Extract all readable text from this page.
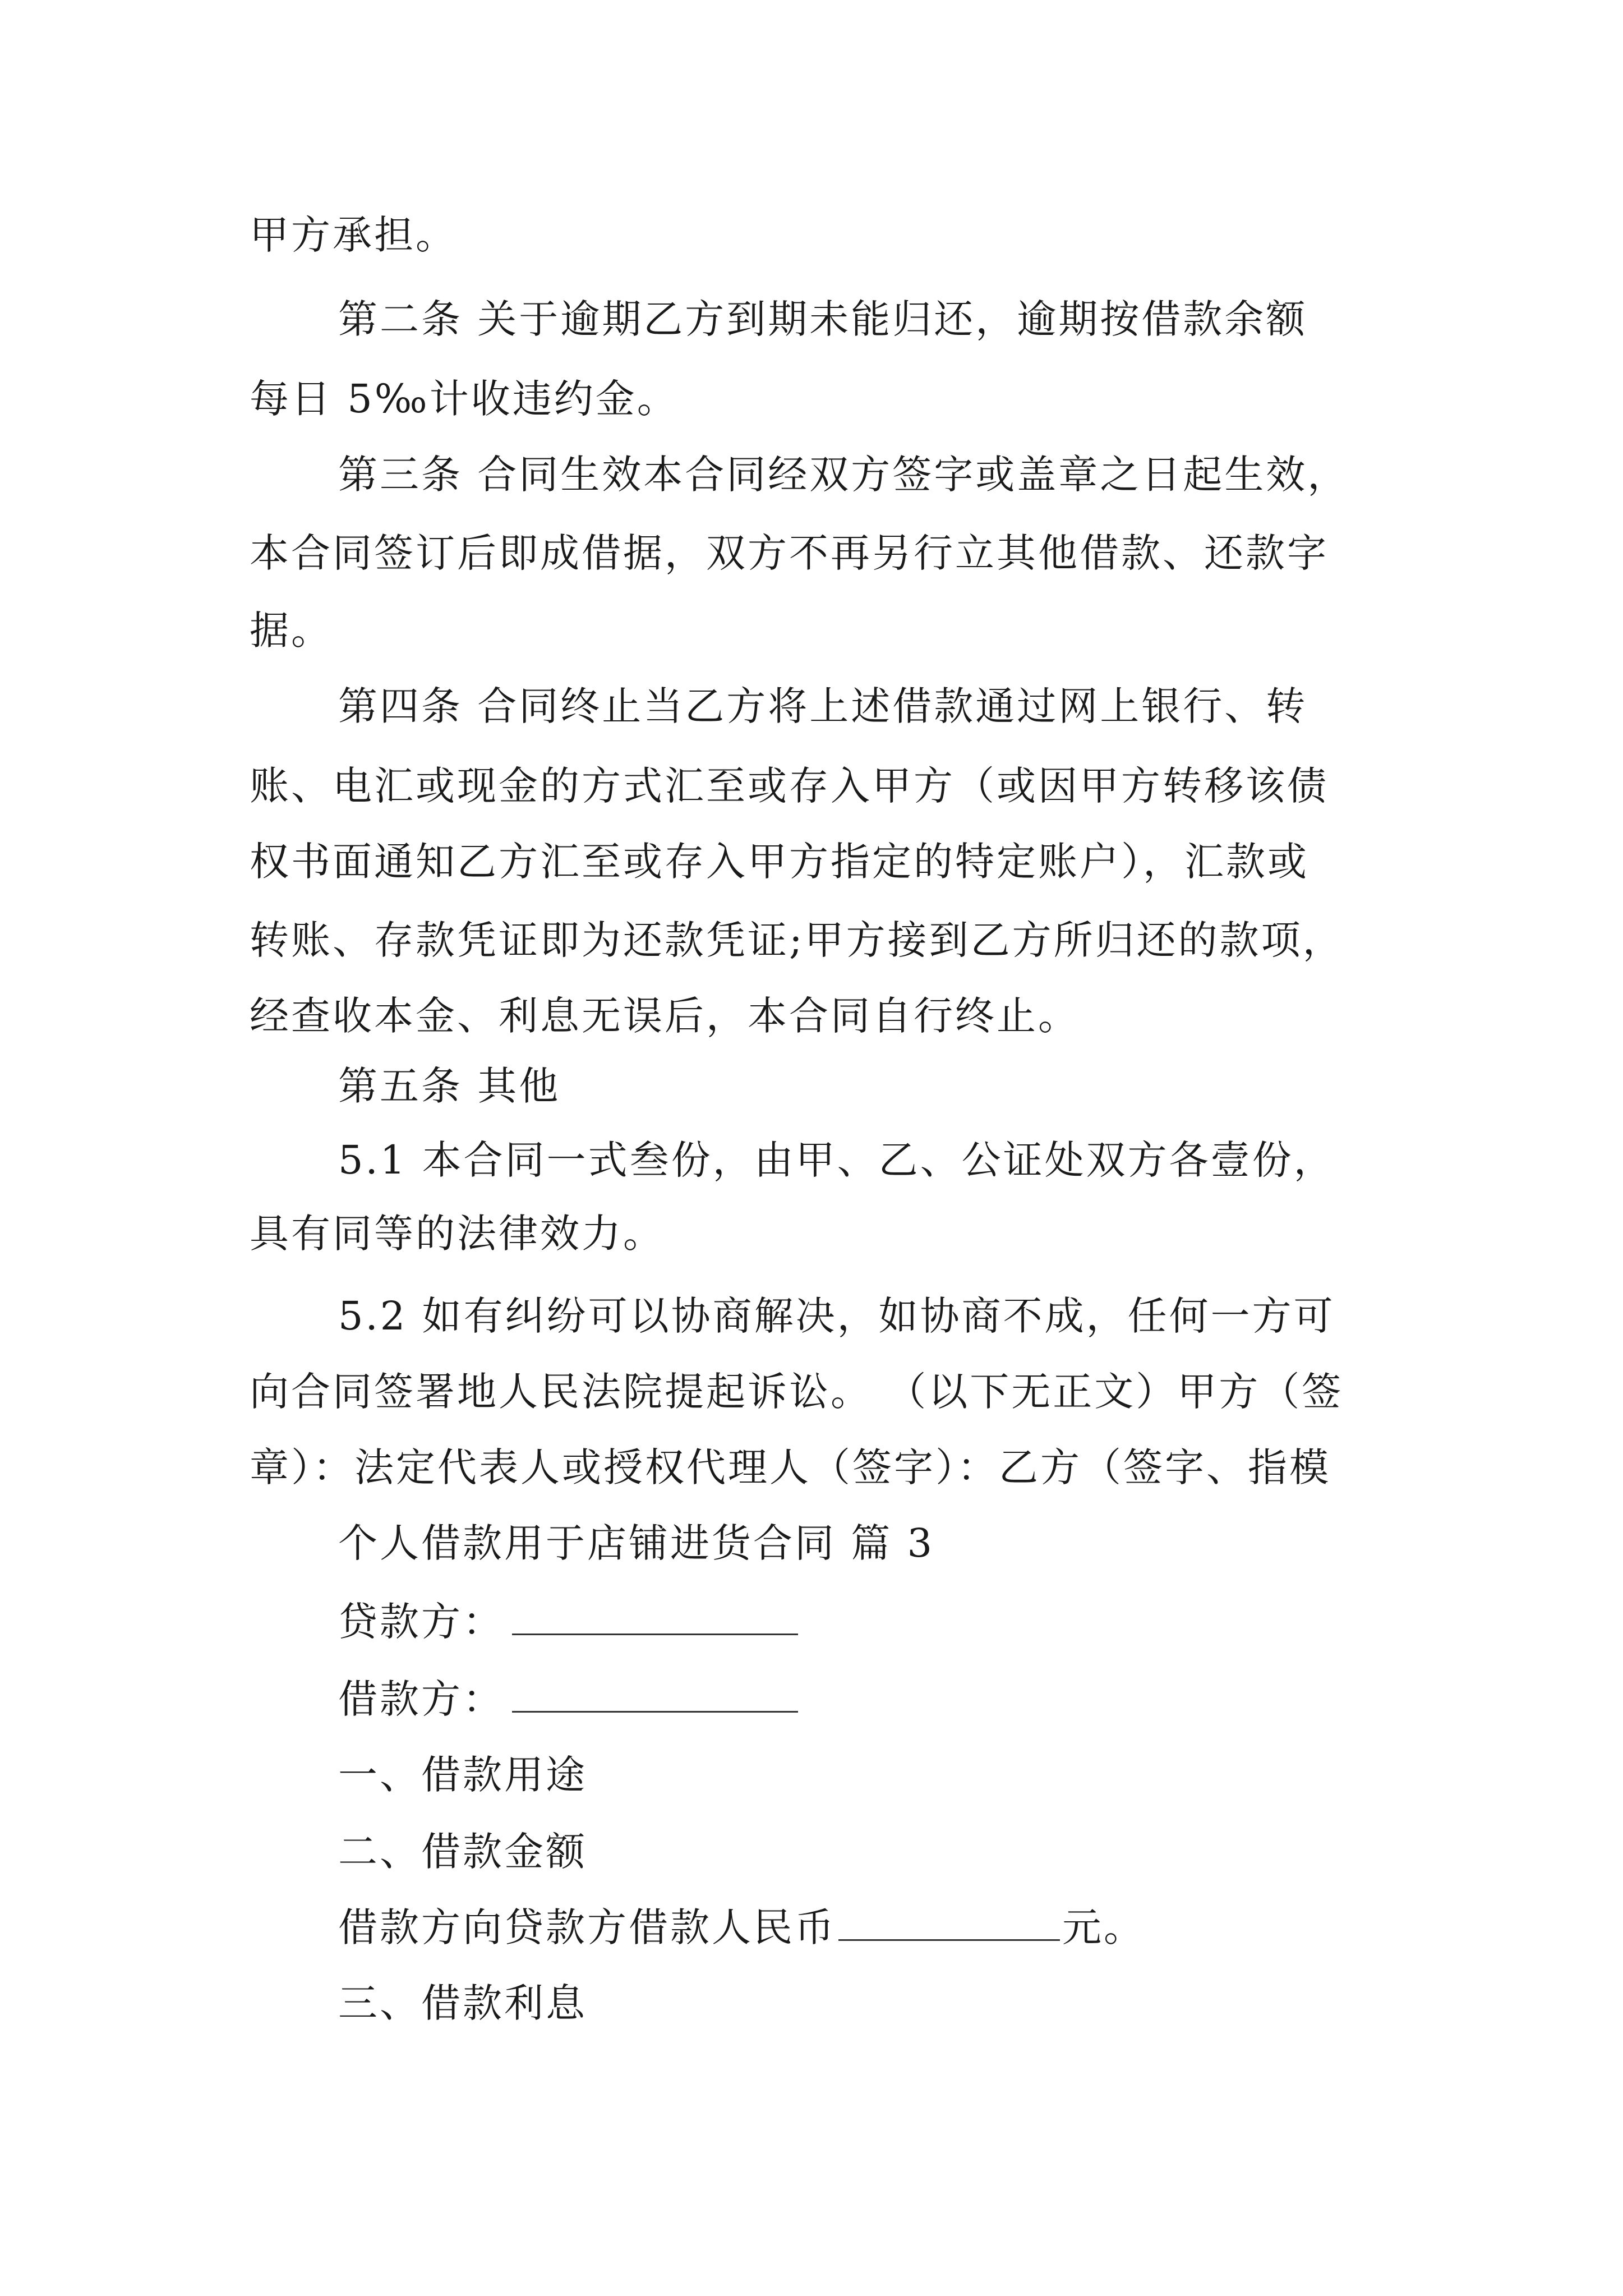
甲方承担。

第二条 关于逾期乙方到期未能归还，逾期按借款余额

每日 5‰计收违约金。

第三条 合同生效本合同经双方签字或盖章之日起生效，

本合同签订后即成借据，双方不再另行立其他借款、还款字

据。

第四条 合同终止当乙方将上述借款通过网上银行、转

账、电汇或现金的方式汇至或存入甲方（或因甲方转移该债

权书面通知乙方汇至或存入甲方指定的特定账户），汇款或

转账、存款凭证即为还款凭证;甲方接到乙方所归还的款项，

经查收本金、利息无误后，本合同自行终止。

第五条 其他

5.1 本合同一式叁份，由甲、乙、公证处双方各壹份，

具有同等的法律效力。

5.2 如有纠纷可以协商解决，如协商不成，任何一方可

向合同签署地人民法院提起诉讼。 （以下无正文）甲方（签

章）：法定代表人或授权代理人（签字）：乙方（签字、指模

个人借款用于店铺进货合同 篇 3

贷款方：

借款方：

一、借款用途

二、借款金额

借款方向贷款方借款人民币	元。

三、借款利息
